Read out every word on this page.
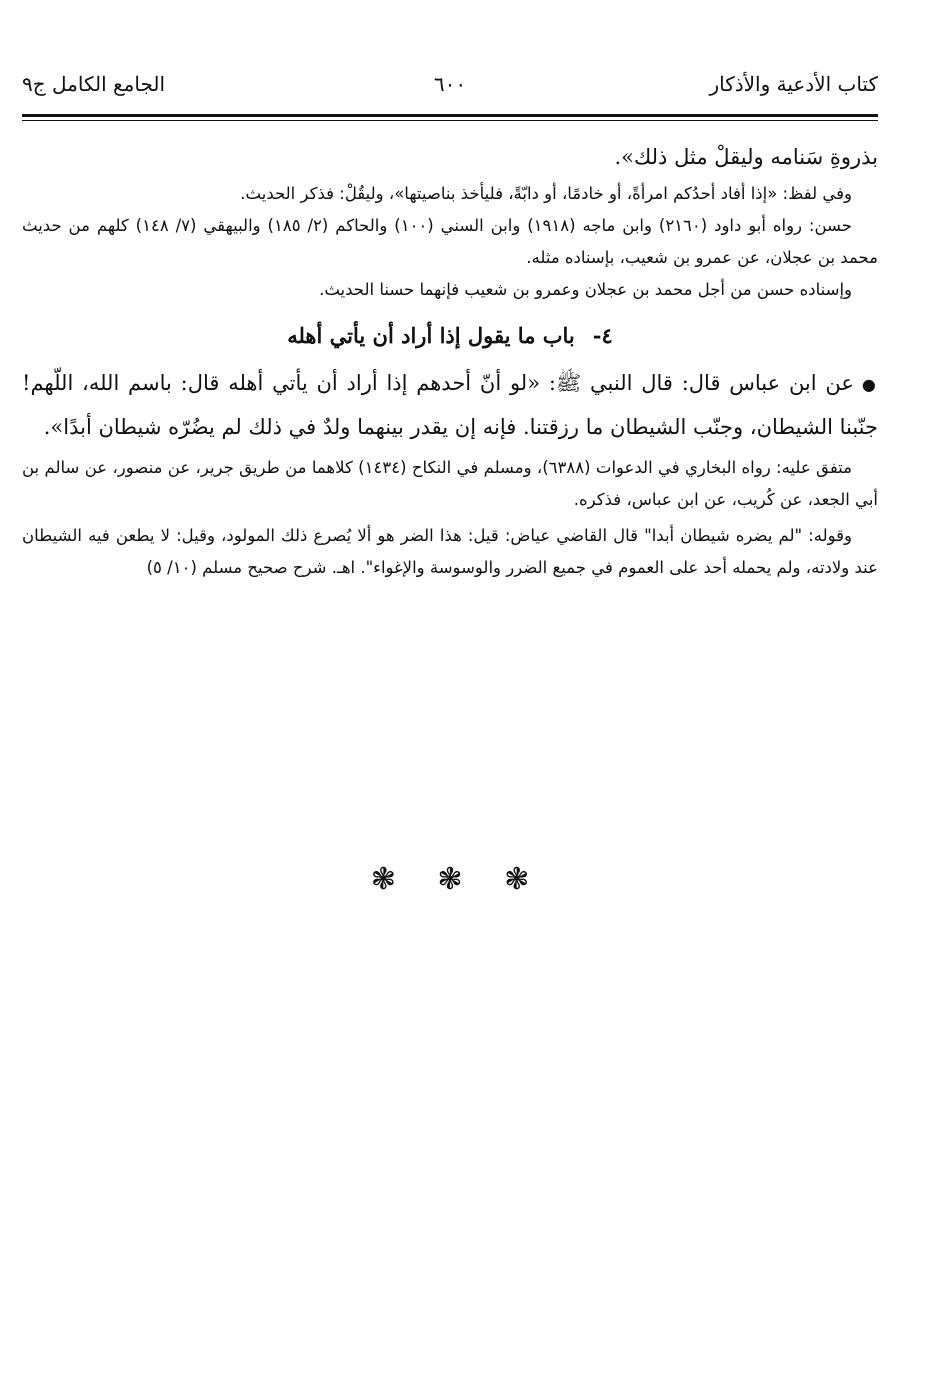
كتاب الأدعية والأذكار
٦٠٠
الجامع الكامل ج٩

بذروةِ سَنامه وليقلْ مثل ذلك».

وفي لفظ: «إذا أفاد أحدُكم امرأةً، أو خادمًا، أو دابّةً، فليأخذ بناصيتها»، وليقُلْ: فذكر الحديث.

حسن: رواه أبو داود (٢١٦٠) وابن ماجه (١٩١٨) وابن السني (١٠٠) والحاكم (٢/ ١٨٥) والبيهقي (٧/ ١٤٨) كلهم من حديث محمد بن عجلان، عن عمرو بن شعيب، بإسناده مثله.

وإسناده حسن من أجل محمد بن عجلان وعمرو بن شعيب فإنهما حسنا الحديث.

٤-باب ما يقول إذا أراد أن يأتي أهله

●عن ابن عباس قال: قال النبي ﷺ: «لو أنّ أحدهم إذا أراد أن يأتي أهله قال: باسم الله، اللّهم! جنّبنا الشيطان، وجنّب الشيطان ما رزقتنا. فإنه إن يقدر بينهما ولدٌ في ذلك لم يضُرّه شيطان أبدًا».

متفق عليه: رواه البخاري في الدعوات (٦٣٨٨)، ومسلم في النكاح (١٤٣٤) كلاهما من طريق جرير، عن منصور، عن سالم بن أبي الجعد، عن كُريب، عن ابن عباس، فذكره.

وقوله: "لم يضره شيطان أبدا" قال القاضي عياض: قيل: هذا الضر هو ألا يُصرع ذلك المولود، وقيل: لا يطعن فيه الشيطان عند ولادته، ولم يحمله أحد على العموم في جميع الضرر والوسوسة والإغواء". اهـ. شرح صحيح مسلم (١٠/ ٥)

❃ ❃ ❃
